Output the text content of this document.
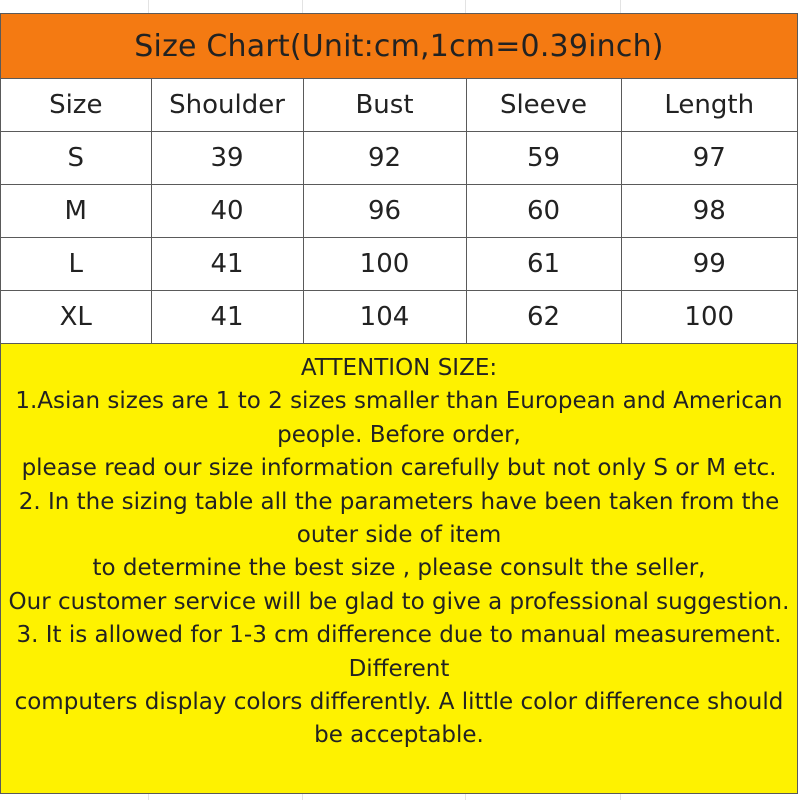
Size Chart(Unit:cm,1cm=0.39inch)
Size	Shoulder	Bust	Sleeve	Length
S	39	92	59	97
M	40	96	60	98
L	41	100	61	99
XL	41	104	62	100
ATTENTION SIZE:
1.Asian sizes are 1 to 2 sizes smaller than European and American
people. Before order,
please read our size information carefully but not only S or M etc.
2. In the sizing table all the parameters have been taken from the
outer side of item
to determine the best size , please consult the seller,
Our customer service will be glad to give a professional suggestion.
3. It is allowed for 1-3 cm difference due to manual measurement.
Different
computers display colors differently. A little color difference should
be acceptable.
